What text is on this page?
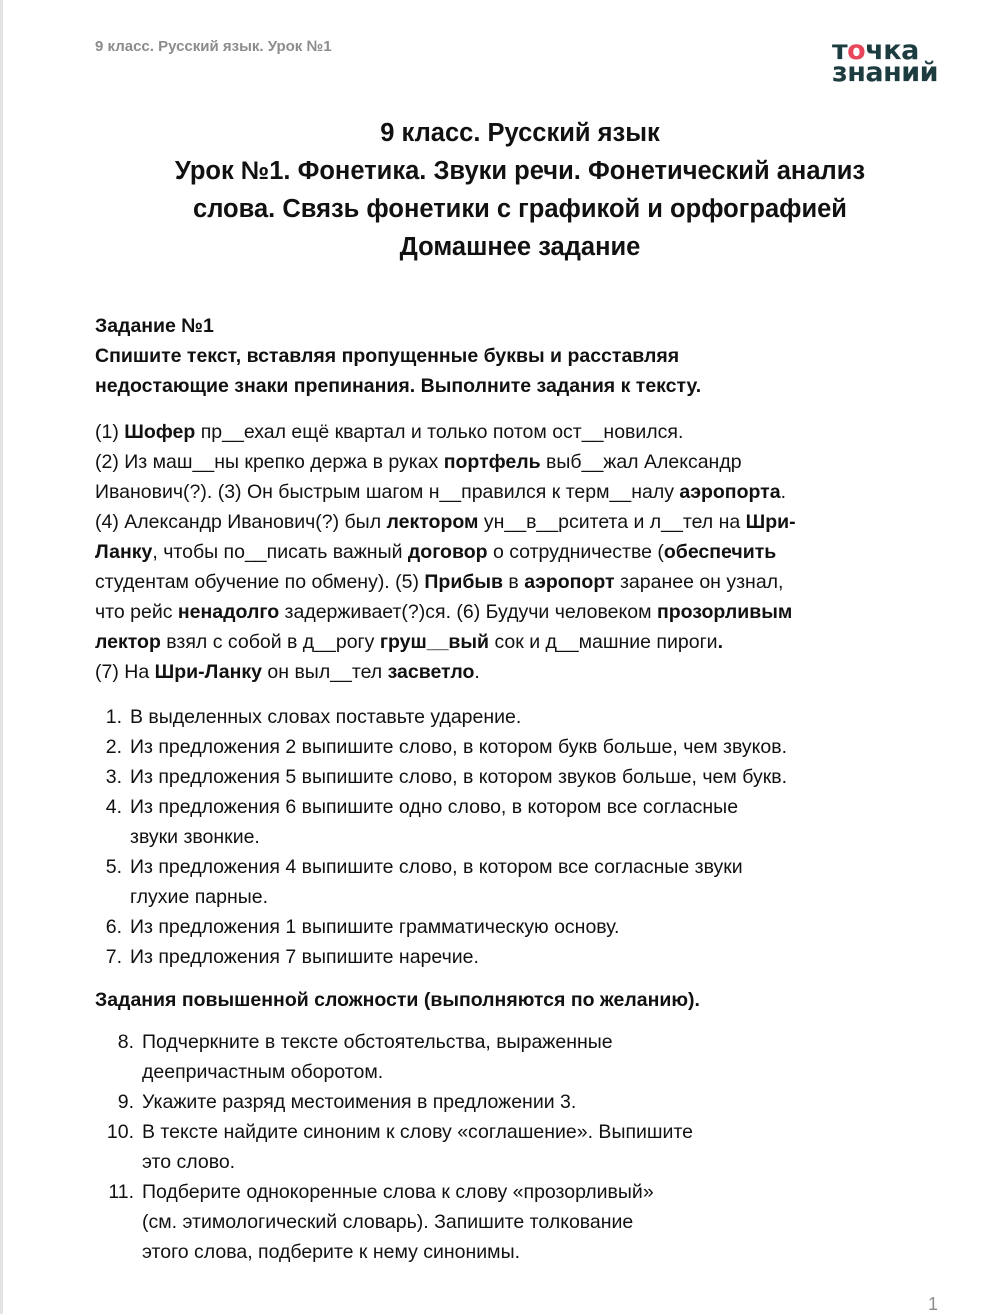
9 класс. Русский язык. Урок №1	точка
знаний
9 класс. Русский язык
Урок №1. Фонетика. Звуки речи. Фонетический анализ
слова. Связь фонетики с графикой и орфографией
Домашнее задание
Задание №1
Спишите текст, вставляя пропущенные буквы и расставляя
недостающие знаки препинания. Выполните задания к тексту.
(1) Шофер пр__ехал ещё квартал и только потом ост__новился.
(2) Из маш__ны крепко держа в руках портфель выб__жал Александр
Иванович(?). (3) Он быстрым шагом н__правился к терм__налу аэропорта.
(4) Александр Иванович(?) был лектором ун__в__рситета и л__тел на Шри-
Ланку, чтобы по__писать важный договор о сотрудничестве (обеспечить
студентам обучение по обмену). (5) Прибыв в аэропорт заранее он узнал,
что рейс ненадолго задерживает(?)ся. (6) Будучи человеком прозорливым
лектор взял с собой в д__рогу груш__вый сок и д__машние пироги.
(7) На Шри-Ланку он выл__тел засветло.
1. В выделенных словах поставьте ударение.
2. Из предложения 2 выпишите слово, в котором букв больше, чем звуков.
3. Из предложения 5 выпишите слово, в котором звуков больше, чем букв.
4. Из предложения 6 выпишите одно слово, в котором все согласные
звуки звонкие.
5. Из предложения 4 выпишите слово, в котором все согласные звуки
глухие парные.
6. Из предложения 1 выпишите грамматическую основу.
7. Из предложения 7 выпишите наречие.
Задания повышенной сложности (выполняются по желанию).
8. Подчеркните в тексте обстоятельства, выраженные
деепричастным оборотом.
9. Укажите разряд местоимения в предложении 3.
10. В тексте найдите синоним к слову «соглашение». Выпишите
это слово.
11. Подберите однокоренные слова к слову «прозорливый»
(см. этимологический словарь). Запишите толкование
этого слова, подберите к нему синонимы.
1
